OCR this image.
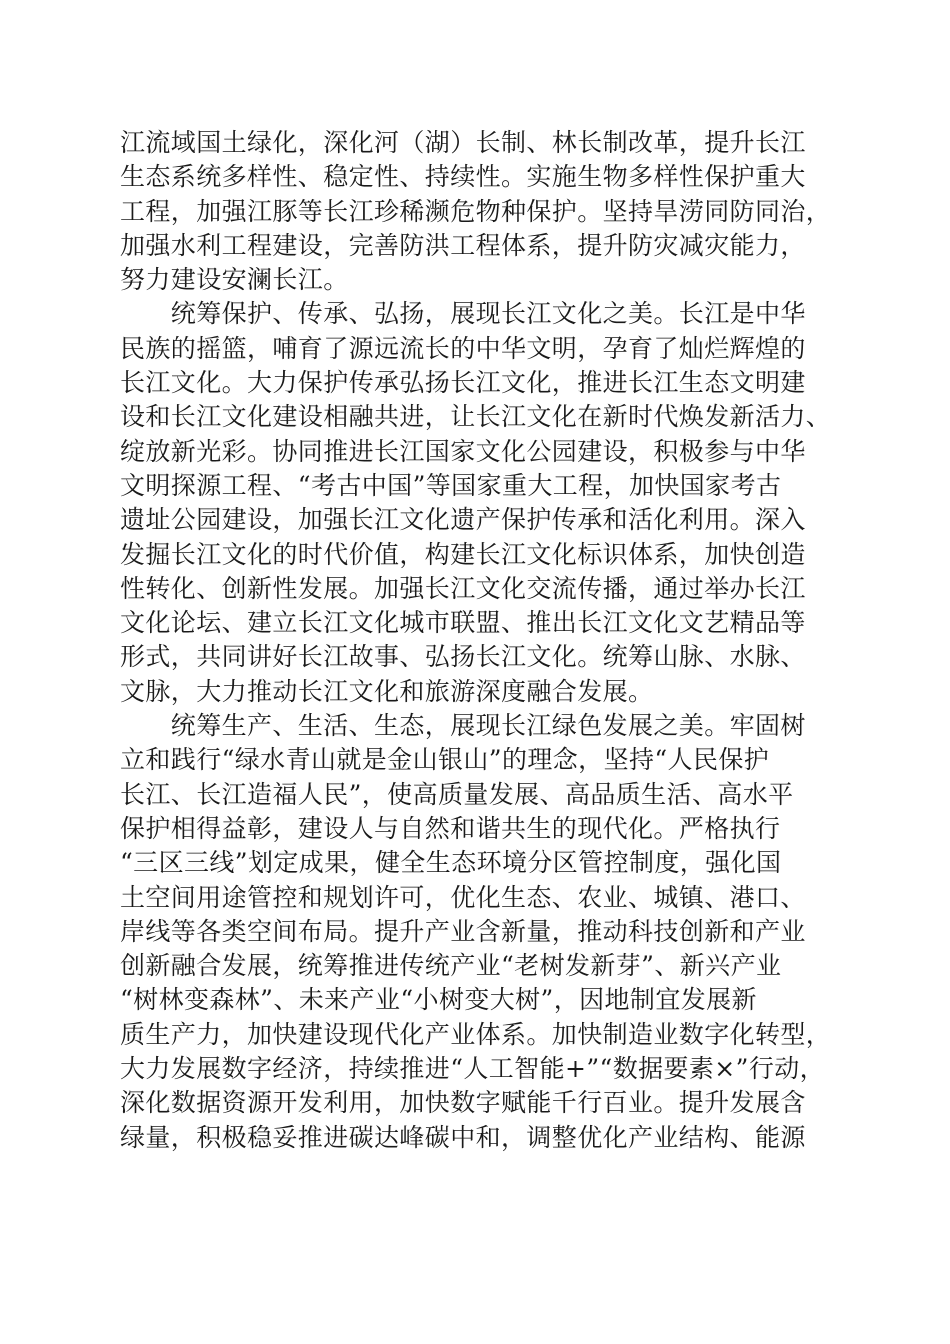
江流域国土绿化，深化河（湖）长制、林长制改革，提升长江
生态系统多样性、稳定性、持续性。实施生物多样性保护重大
工程，加强江豚等长江珍稀濒危物种保护。坚持旱涝同防同治，
加强水利工程建设，完善防洪工程体系，提升防灾减灾能力，
努力建设安澜长江。
　　统筹保护、传承、弘扬，展现长江文化之美。长江是中华
民族的摇篮，哺育了源远流长的中华文明，孕育了灿烂辉煌的
长江文化。大力保护传承弘扬长江文化，推进长江生态文明建
设和长江文化建设相融共进，让长江文化在新时代焕发新活力、
绽放新光彩。协同推进长江国家文化公园建设，积极参与中华
文明探源工程、“考古中国”等国家重大工程，加快国家考古
遗址公园建设，加强长江文化遗产保护传承和活化利用。深入
发掘长江文化的时代价值，构建长江文化标识体系，加快创造
性转化、创新性发展。加强长江文化交流传播，通过举办长江
文化论坛、建立长江文化城市联盟、推出长江文化文艺精品等
形式，共同讲好长江故事、弘扬长江文化。统筹山脉、水脉、
文脉，大力推动长江文化和旅游深度融合发展。
　　统筹生产、生活、生态，展现长江绿色发展之美。牢固树
立和践行“绿水青山就是金山银山”的理念，坚持“人民保护
长江、长江造福人民”，使高质量发展、高品质生活、高水平
保护相得益彰，建设人与自然和谐共生的现代化。严格执行
“三区三线”划定成果，健全生态环境分区管控制度，强化国
土空间用途管控和规划许可，优化生态、农业、城镇、港口、
岸线等各类空间布局。提升产业含新量，推动科技创新和产业
创新融合发展，统筹推进传统产业“老树发新芽”、新兴产业
“树林变森林”、未来产业“小树变大树”，因地制宜发展新
质生产力，加快建设现代化产业体系。加快制造业数字化转型，
大力发展数字经济，持续推进“人工智能+”“数据要素×”行动，
深化数据资源开发利用，加快数字赋能千行百业。提升发展含
绿量，积极稳妥推进碳达峰碳中和，调整优化产业结构、能源
